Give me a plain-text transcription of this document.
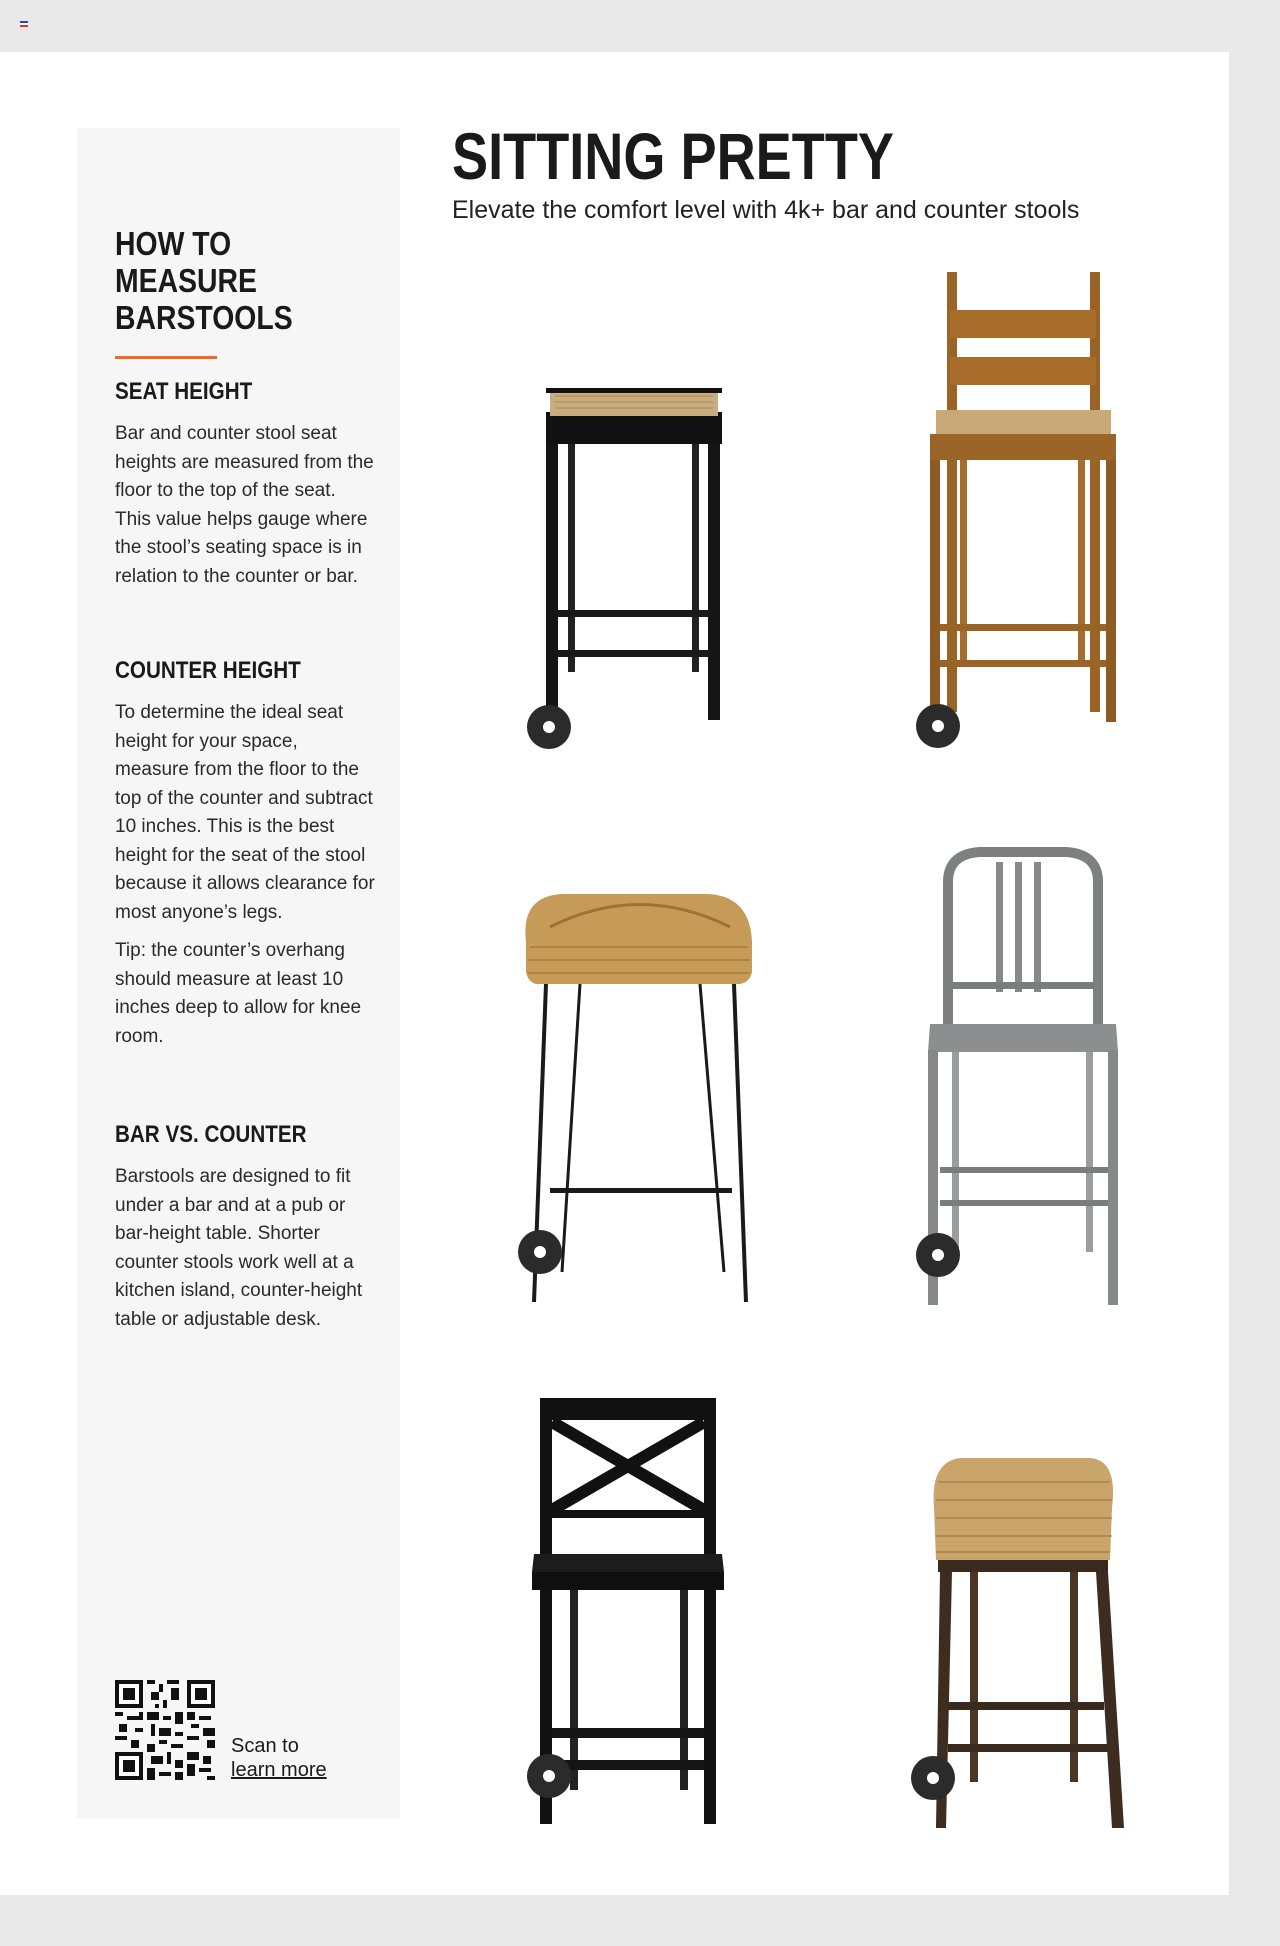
HOW TO MEASURE BARSTOOLS
SEAT HEIGHT

Bar and counter stool seat heights are measured from the floor to the top of the seat. This value helps gauge where the stool’s seating space is in relation to the counter or bar.

COUNTER HEIGHT

To determine the ideal seat height for your space, measure from the floor to the top of the counter and subtract 10 inches. This is the best height for the seat of the stool because it allows clearance for most anyone’s legs.

Tip: the counter’s overhang should measure at least 10 inches deep to allow for knee room.

BAR VS. COUNTER

Barstools are designed to fit under a bar and at a pub or bar-height table. Shorter counter stools work well at a kitchen island, counter-height table or adjustable desk.

Scan to
learn more
SITTING PRETTY

Elevate the comfort level with 4k+ bar and counter stools
